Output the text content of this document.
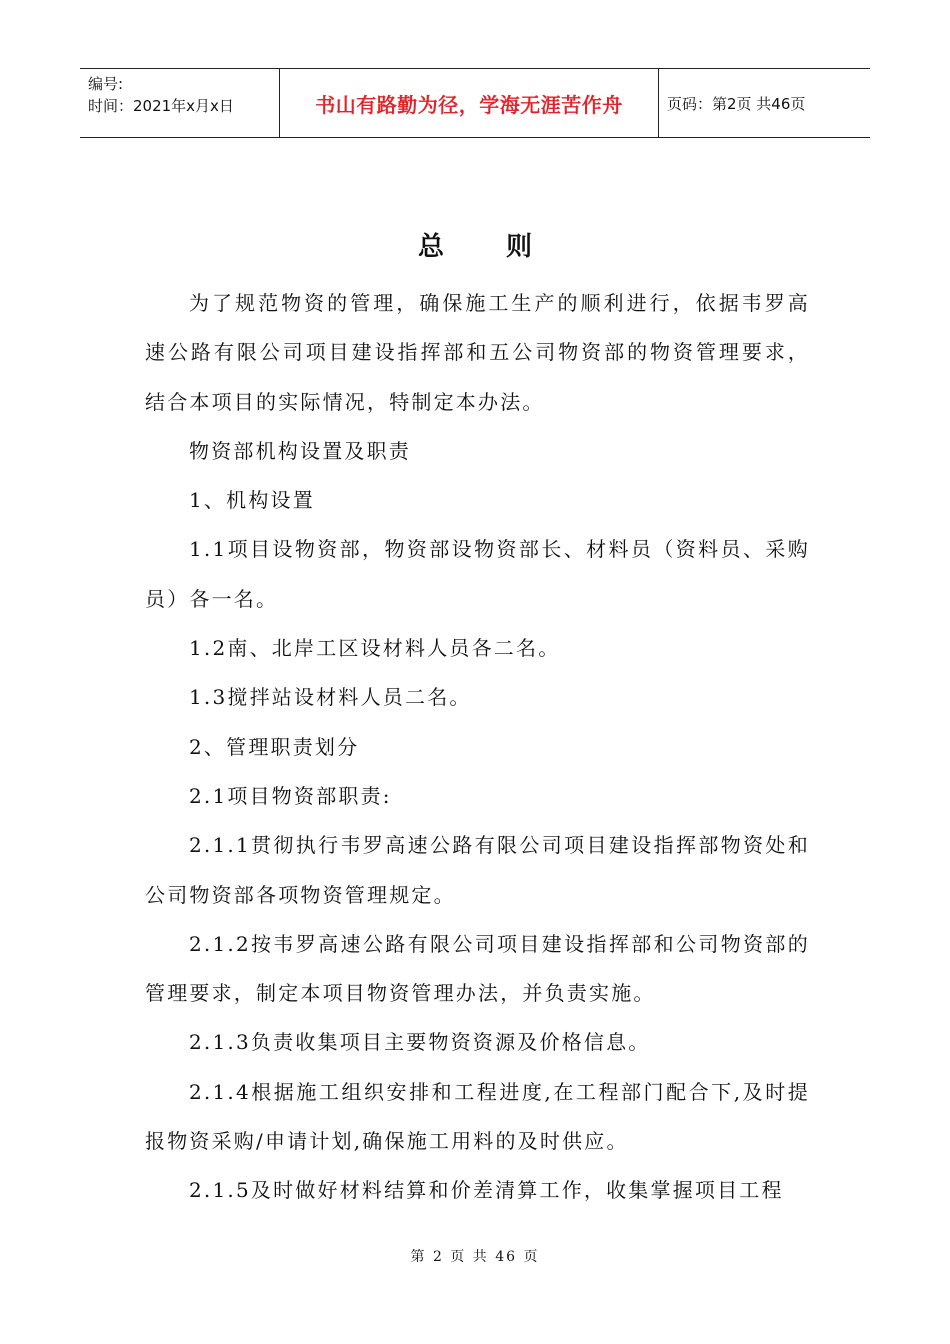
编号:
时间：2021年x月x日	书山有路勤为径，学海无涯苦作舟	页码：第2页 共46页
总则

为了规范物资的管理，确保施工生产的顺利进行，依据韦罗高速公路有限公司项目建设指挥部和五公司物资部的物资管理要求，结合本项目的实际情况，特制定本办法。

物资部机构设置及职责

1、机构设置

1.1项目设物资部，物资部设物资部长、材料员（资料员、采购员）各一名。

1.2南、北岸工区设材料人员各二名。

1.3搅拌站设材料人员二名。

2、管理职责划分

2.1项目物资部职责:

2.1.1贯彻执行韦罗高速公路有限公司项目建设指挥部物资处和公司物资部各项物资管理规定。

2.1.2按韦罗高速公路有限公司项目建设指挥部和公司物资部的管理要求，制定本项目物资管理办法，并负责实施。

2.1.3负责收集项目主要物资资源及价格信息。

2.1.4根据施工组织安排和工程进度,在工程部门配合下,及时提报物资采购/申请计划,确保施工用料的及时供应。

2.1.5及时做好材料结算和价差清算工作，收集掌握项目工程

第 2 页 共 46 页
